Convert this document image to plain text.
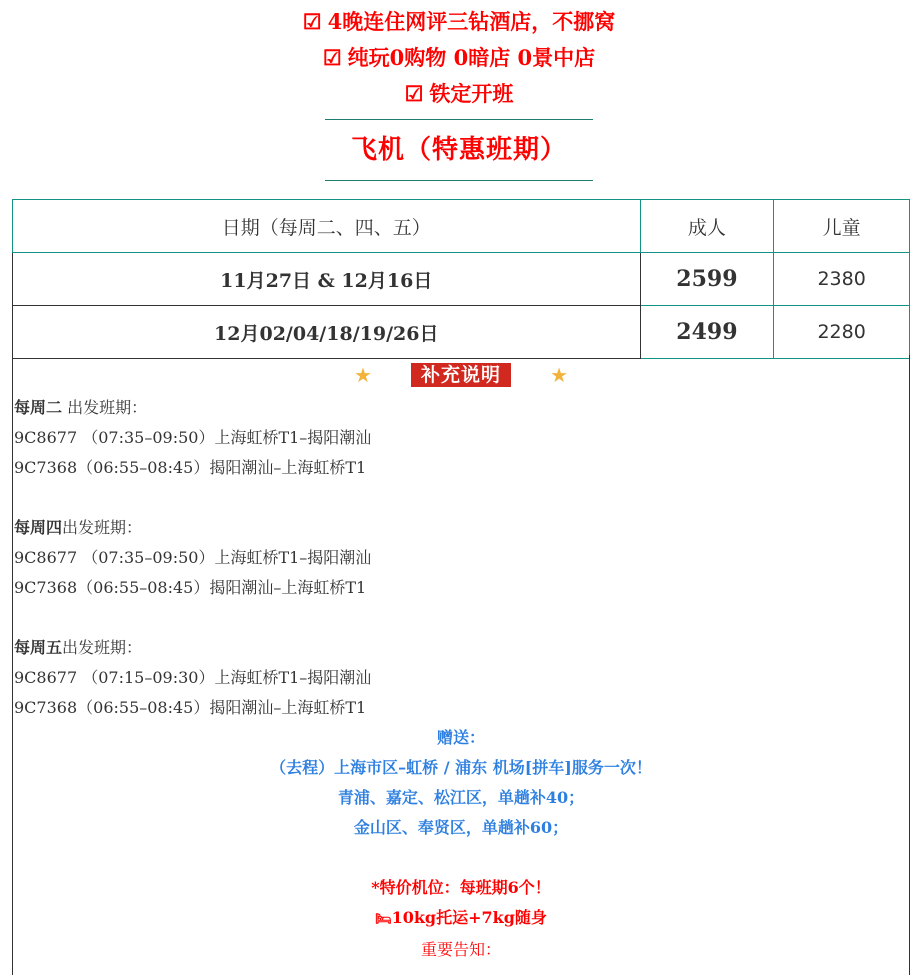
☑ 4晚连住网评三钻酒店，不挪窝
☑ 纯玩0购物 0暗店 0景中店
☑ 铁定开班
飞机（特惠班期）
日期（每周二、四、五）	成人	儿童
11月27日 & 12月16日	2599	2380
12月02/04/18/19/26日	2499	2280
★	补充说明 ★
每周二 出发班期：
9C8677 （07:35–09:50）上海虹桥T1–揭阳潮汕
9C7368（06:55–08:45）揭阳潮汕–上海虹桥T1
每周四出发班期：
9C8677 （07:35–09:50）上海虹桥T1–揭阳潮汕
9C7368（06:55–08:45）揭阳潮汕–上海虹桥T1
每周五出发班期：
9C8677 （07:15–09:30）上海虹桥T1–揭阳潮汕
9C7368（06:55–08:45）揭阳潮汕–上海虹桥T1
赠送：
（去程）上海市区–虹桥 / 浦东 机场[拼车]服务一次！
青浦、嘉定、松江区，单趟补40；
金山区、奉贤区，单趟补60；
*特价机位：每班期6个！
🛏10kg托运+7kg随身
重要告知：
